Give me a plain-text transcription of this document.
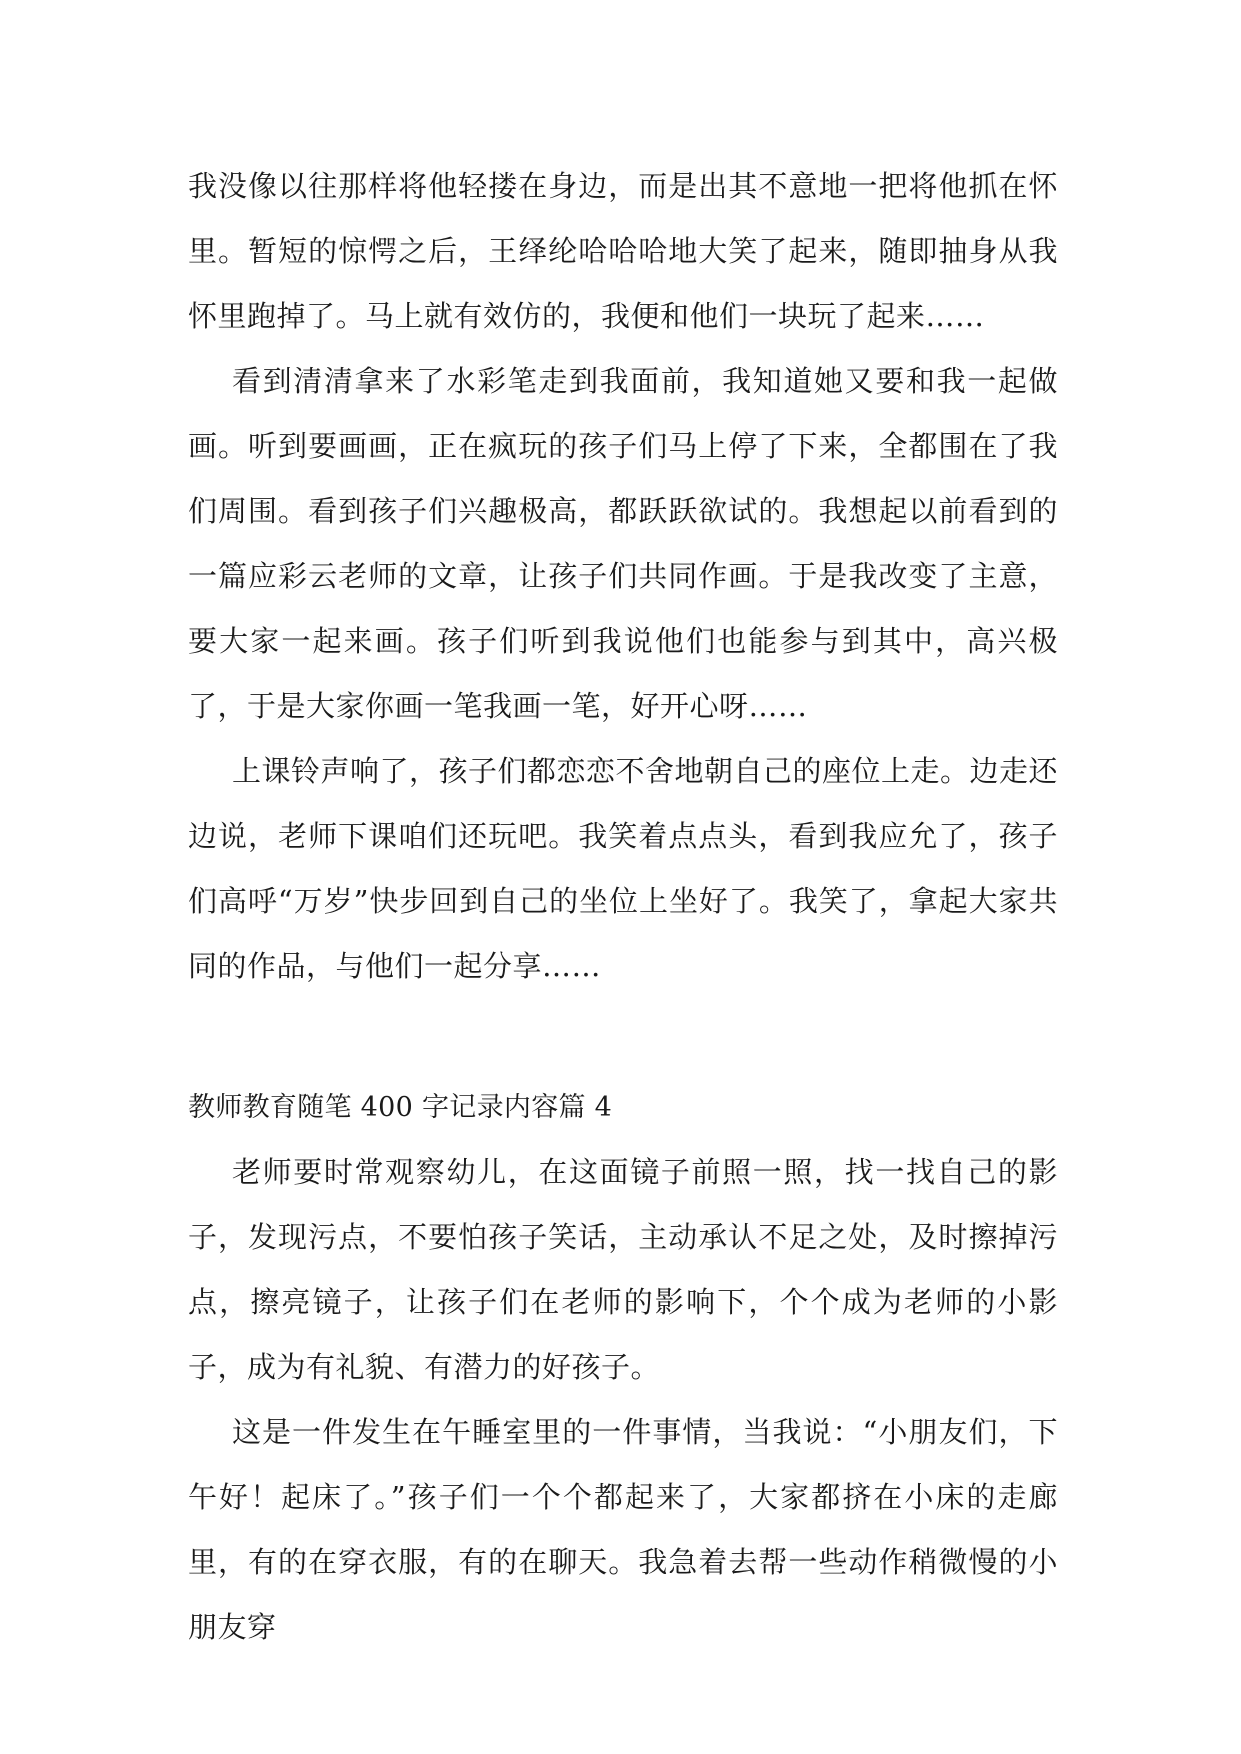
我没像以往那样将他轻搂在身边，而是出其不意地一把将他抓在怀里。暂短的惊愕之后，王绎纶哈哈哈地大笑了起来，随即抽身从我怀里跑掉了。马上就有效仿的，我便和他们一块玩了起来……

看到清清拿来了水彩笔走到我面前，我知道她又要和我一起做画。听到要画画，正在疯玩的孩子们马上停了下来，全都围在了我们周围。看到孩子们兴趣极高，都跃跃欲试的。我想起以前看到的一篇应彩云老师的文章，让孩子们共同作画。于是我改变了主意，要大家一起来画。孩子们听到我说他们也能参与到其中，高兴极了，于是大家你画一笔我画一笔，好开心呀……

上课铃声响了，孩子们都恋恋不舍地朝自己的座位上走。边走还边说，老师下课咱们还玩吧。我笑着点点头，看到我应允了，孩子们高呼“万岁”快步回到自己的坐位上坐好了。我笑了，拿起大家共同的作品，与他们一起分享……

教师教育随笔 400 字记录内容篇 4

老师要时常观察幼儿，在这面镜子前照一照，找一找自己的影子，发现污点，不要怕孩子笑话，主动承认不足之处，及时擦掉污点，擦亮镜子，让孩子们在老师的影响下，个个成为老师的小影子，成为有礼貌、有潜力的好孩子。

这是一件发生在午睡室里的一件事情，当我说：“小朋友们，下午好！起床了。”孩子们一个个都起来了，大家都挤在小床的走廊里，有的在穿衣服，有的在聊天。我急着去帮一些动作稍微慢的小朋友穿
